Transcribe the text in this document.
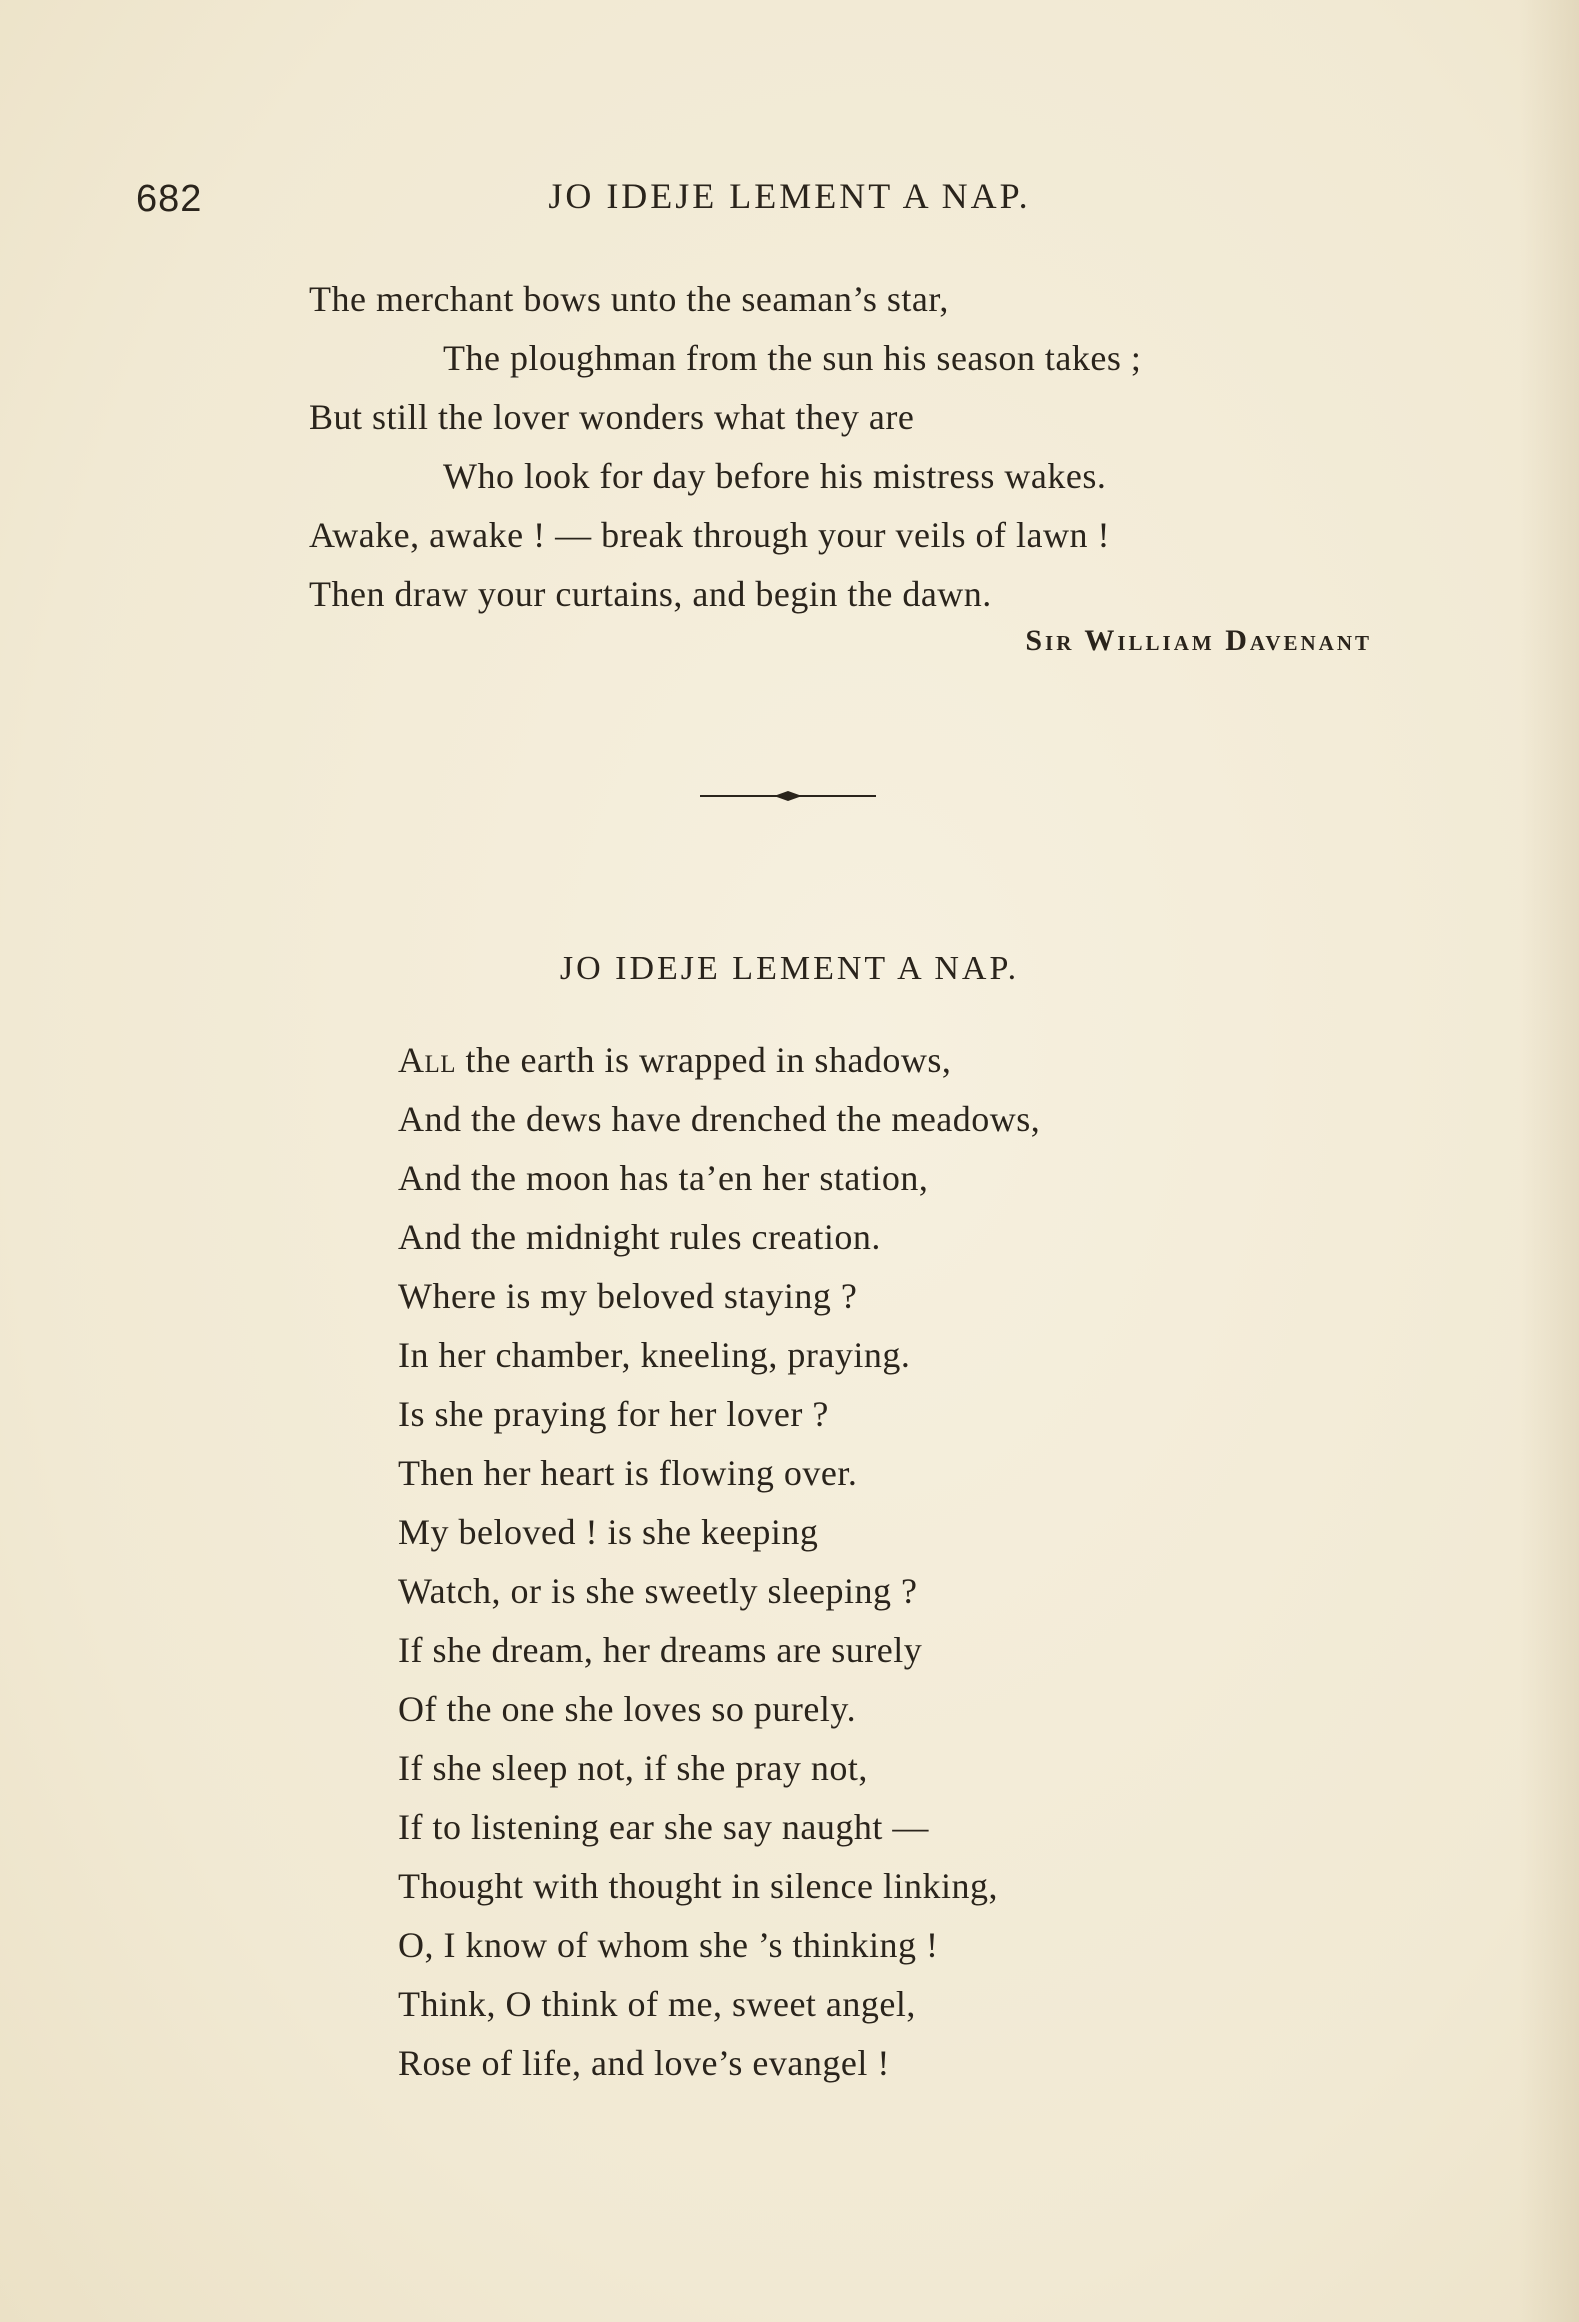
682	JO IDEJE LEMENT A NAP.
The merchant bows unto the seaman’s star,
The ploughman from the sun his season takes ;
But still the lover wonders what they are
Who look for day before his mistress wakes.
Awake, awake ! — break through your veils of lawn !
Then draw your curtains, and begin the dawn.
Sir William Davenant
JO IDEJE LEMENT A NAP.
All the earth is wrapped in shadows,
And the dews have drenched the meadows,
And the moon has ta’en her station,
And the midnight rules creation.
Where is my beloved staying ?
In her chamber, kneeling, praying.
Is she praying for her lover ?
Then her heart is flowing over.
My beloved ! is she keeping
Watch, or is she sweetly sleeping ?
If she dream, her dreams are surely
Of the one she loves so purely.
If she sleep not, if she pray not,
If to listening ear she say naught —
Thought with thought in silence linking,
O, I know of whom she ’s thinking !
Think, O think of me, sweet angel,
Rose of life, and love’s evangel !
